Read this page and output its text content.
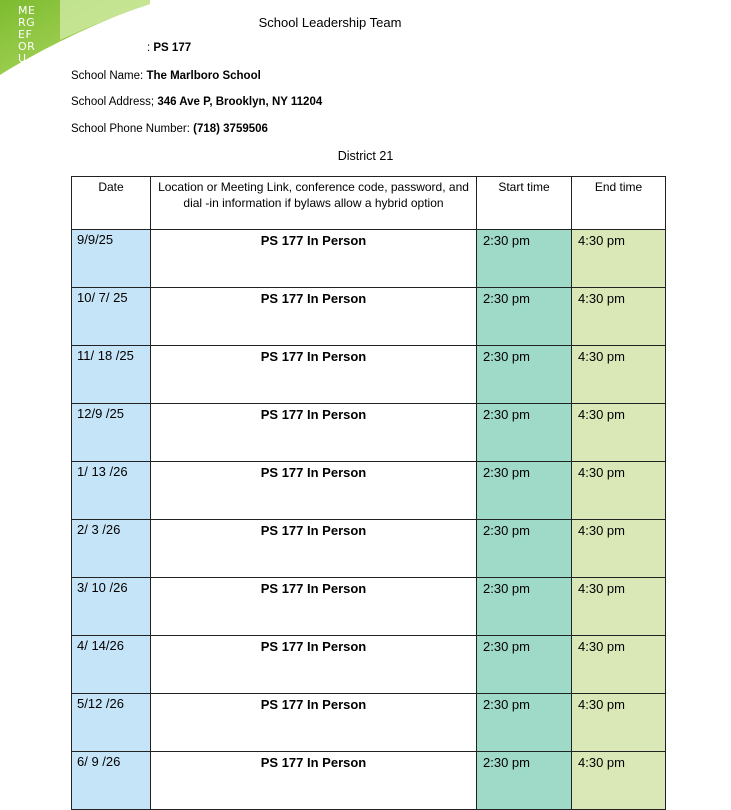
ME
RG
EF
OR
U
School Leadership Team
: PS 177
School Name: The Marlboro School
School Address; 346 Ave P, Brooklyn, NY 11204
School Phone Number: (718) 3759506
District 21
Date	Location or Meeting Link, conference code, password, and dial -in information if bylaws allow a hybrid option	Start time	End time
9/9/25	PS 177 In Person	2:30 pm	4:30 pm
10/ 7/ 25	PS 177 In Person	2:30 pm	4:30 pm
11/ 18 /25	PS 177 In Person	2:30 pm	4:30 pm
12/9 /25	PS 177 In Person	2:30 pm	4:30 pm
1/ 13 /26	PS 177 In Person	2:30 pm	4:30 pm
2/ 3 /26	PS 177 In Person	2:30 pm	4:30 pm
3/ 10 /26	PS 177 In Person	2:30 pm	4:30 pm
4/ 14/26	PS 177 In Person	2:30 pm	4:30 pm
5/12 /26	PS 177 In Person	2:30 pm	4:30 pm
6/ 9 /26	PS 177 In Person	2:30 pm	4:30 pm
